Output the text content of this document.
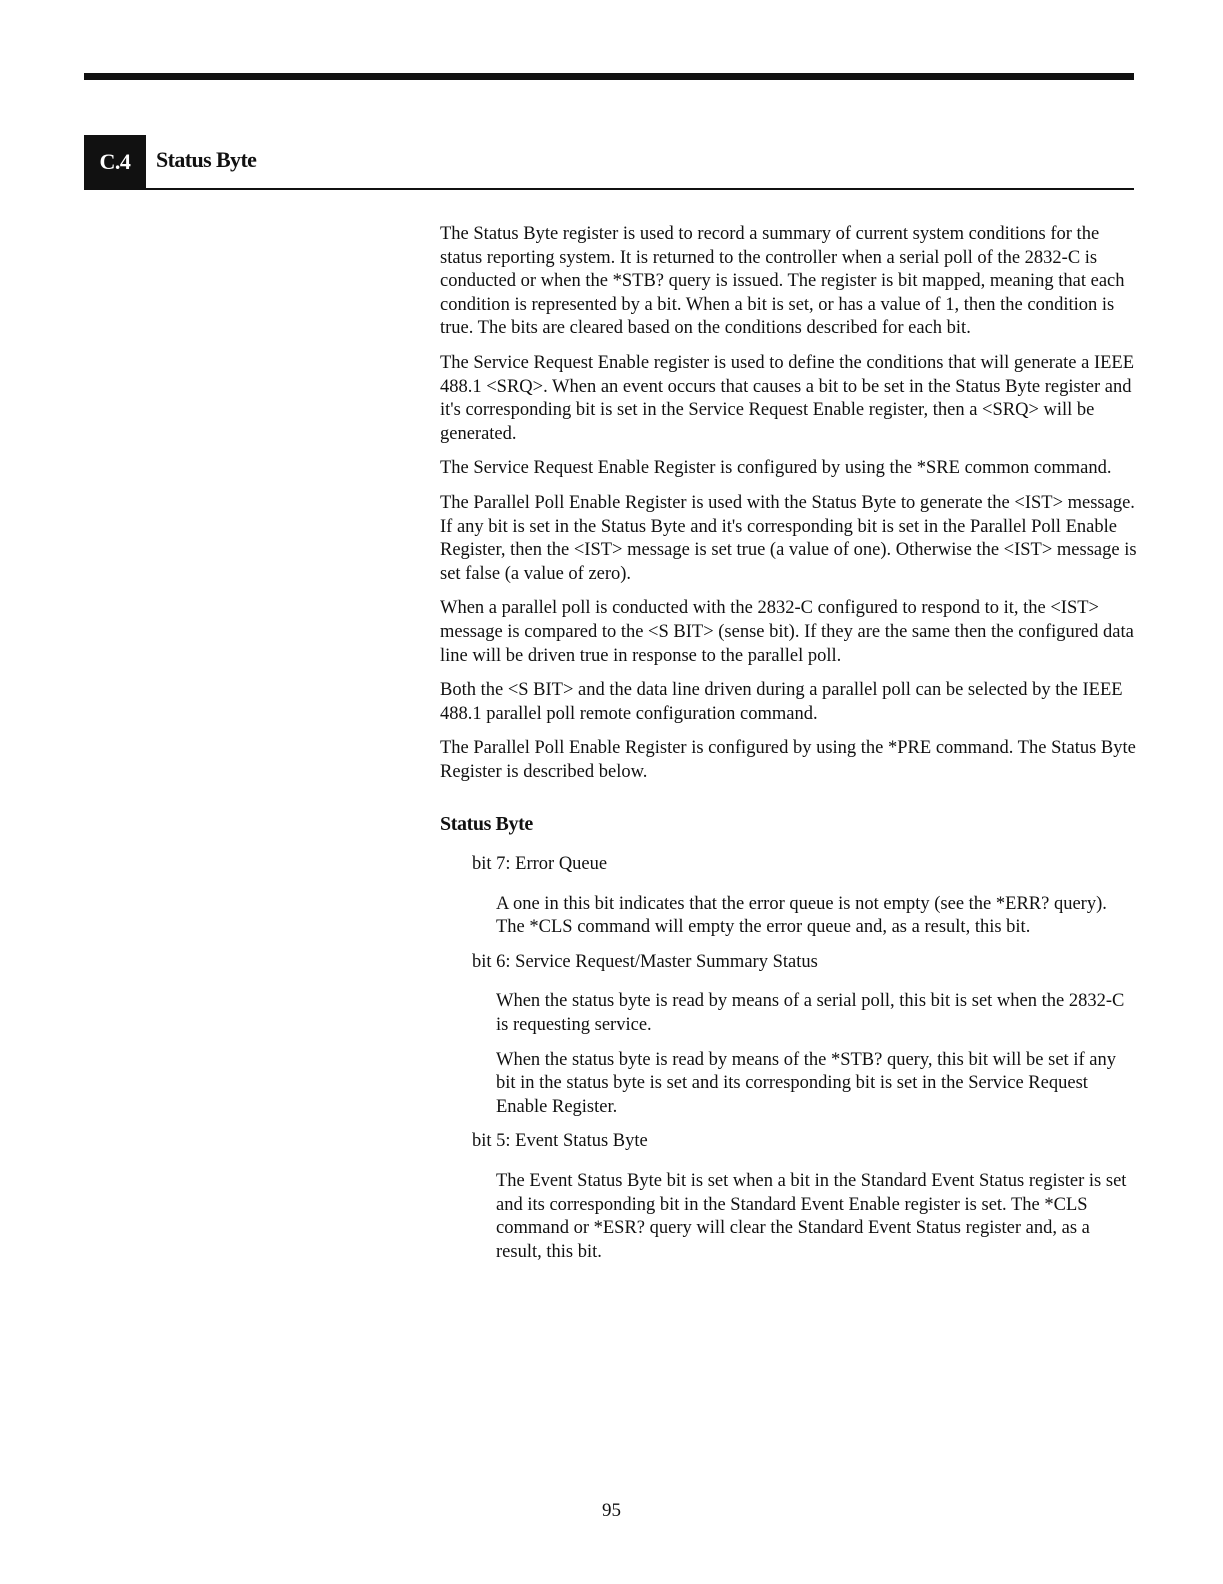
C.4	Status Byte

The Status Byte register is used to record a summary of current system conditions for the status reporting system. It is returned to the controller when a serial poll of the 2832-C is conducted or when the *STB? query is issued. The register is bit mapped, meaning that each condition is represented by a bit. When a bit is set, or has a value of 1, then the condition is true. The bits are cleared based on the conditions described for each bit.

The Service Request Enable register is used to define the conditions that will generate a IEEE 488.1 <SRQ>. When an event occurs that causes a bit to be set in the Status Byte register and it's corresponding bit is set in the Service Request Enable register, then a <SRQ> will be generated.

The Service Request Enable Register is configured by using the *SRE common command.

The Parallel Poll Enable Register is used with the Status Byte to generate the <IST> message. If any bit is set in the Status Byte and it's corresponding bit is set in the Parallel Poll Enable Register, then the <IST> message is set true (a value of one). Otherwise the <IST> message is set false (a value of zero).

When a parallel poll is conducted with the 2832-C configured to respond to it, the <IST> message is compared to the <S BIT> (sense bit). If they are the same then the configured data line will be driven true in response to the parallel poll.

Both the <S BIT> and the data line driven during a parallel poll can be selected by the IEEE 488.1 parallel poll remote configuration command.

The Parallel Poll Enable Register is configured by using the *PRE command. The Status Byte Register is described below.

Status Byte
bit 7: Error Queue

A one in this bit indicates that the error queue is not empty (see the *ERR? query). The *CLS command will empty the error queue and, as a result, this bit.

bit 6: Service Request/Master Summary Status

When the status byte is read by means of a serial poll, this bit is set when the 2832-C is requesting service.

When the status byte is read by means of the *STB? query, this bit will be set if any bit in the status byte is set and its corresponding bit is set in the Service Request Enable Register.

bit 5: Event Status Byte

The Event Status Byte bit is set when a bit in the Standard Event Status register is set and its corresponding bit in the Standard Event Enable register is set. The *CLS command or *ESR? query will clear the Standard Event Status register and, as a result, this bit.

95
